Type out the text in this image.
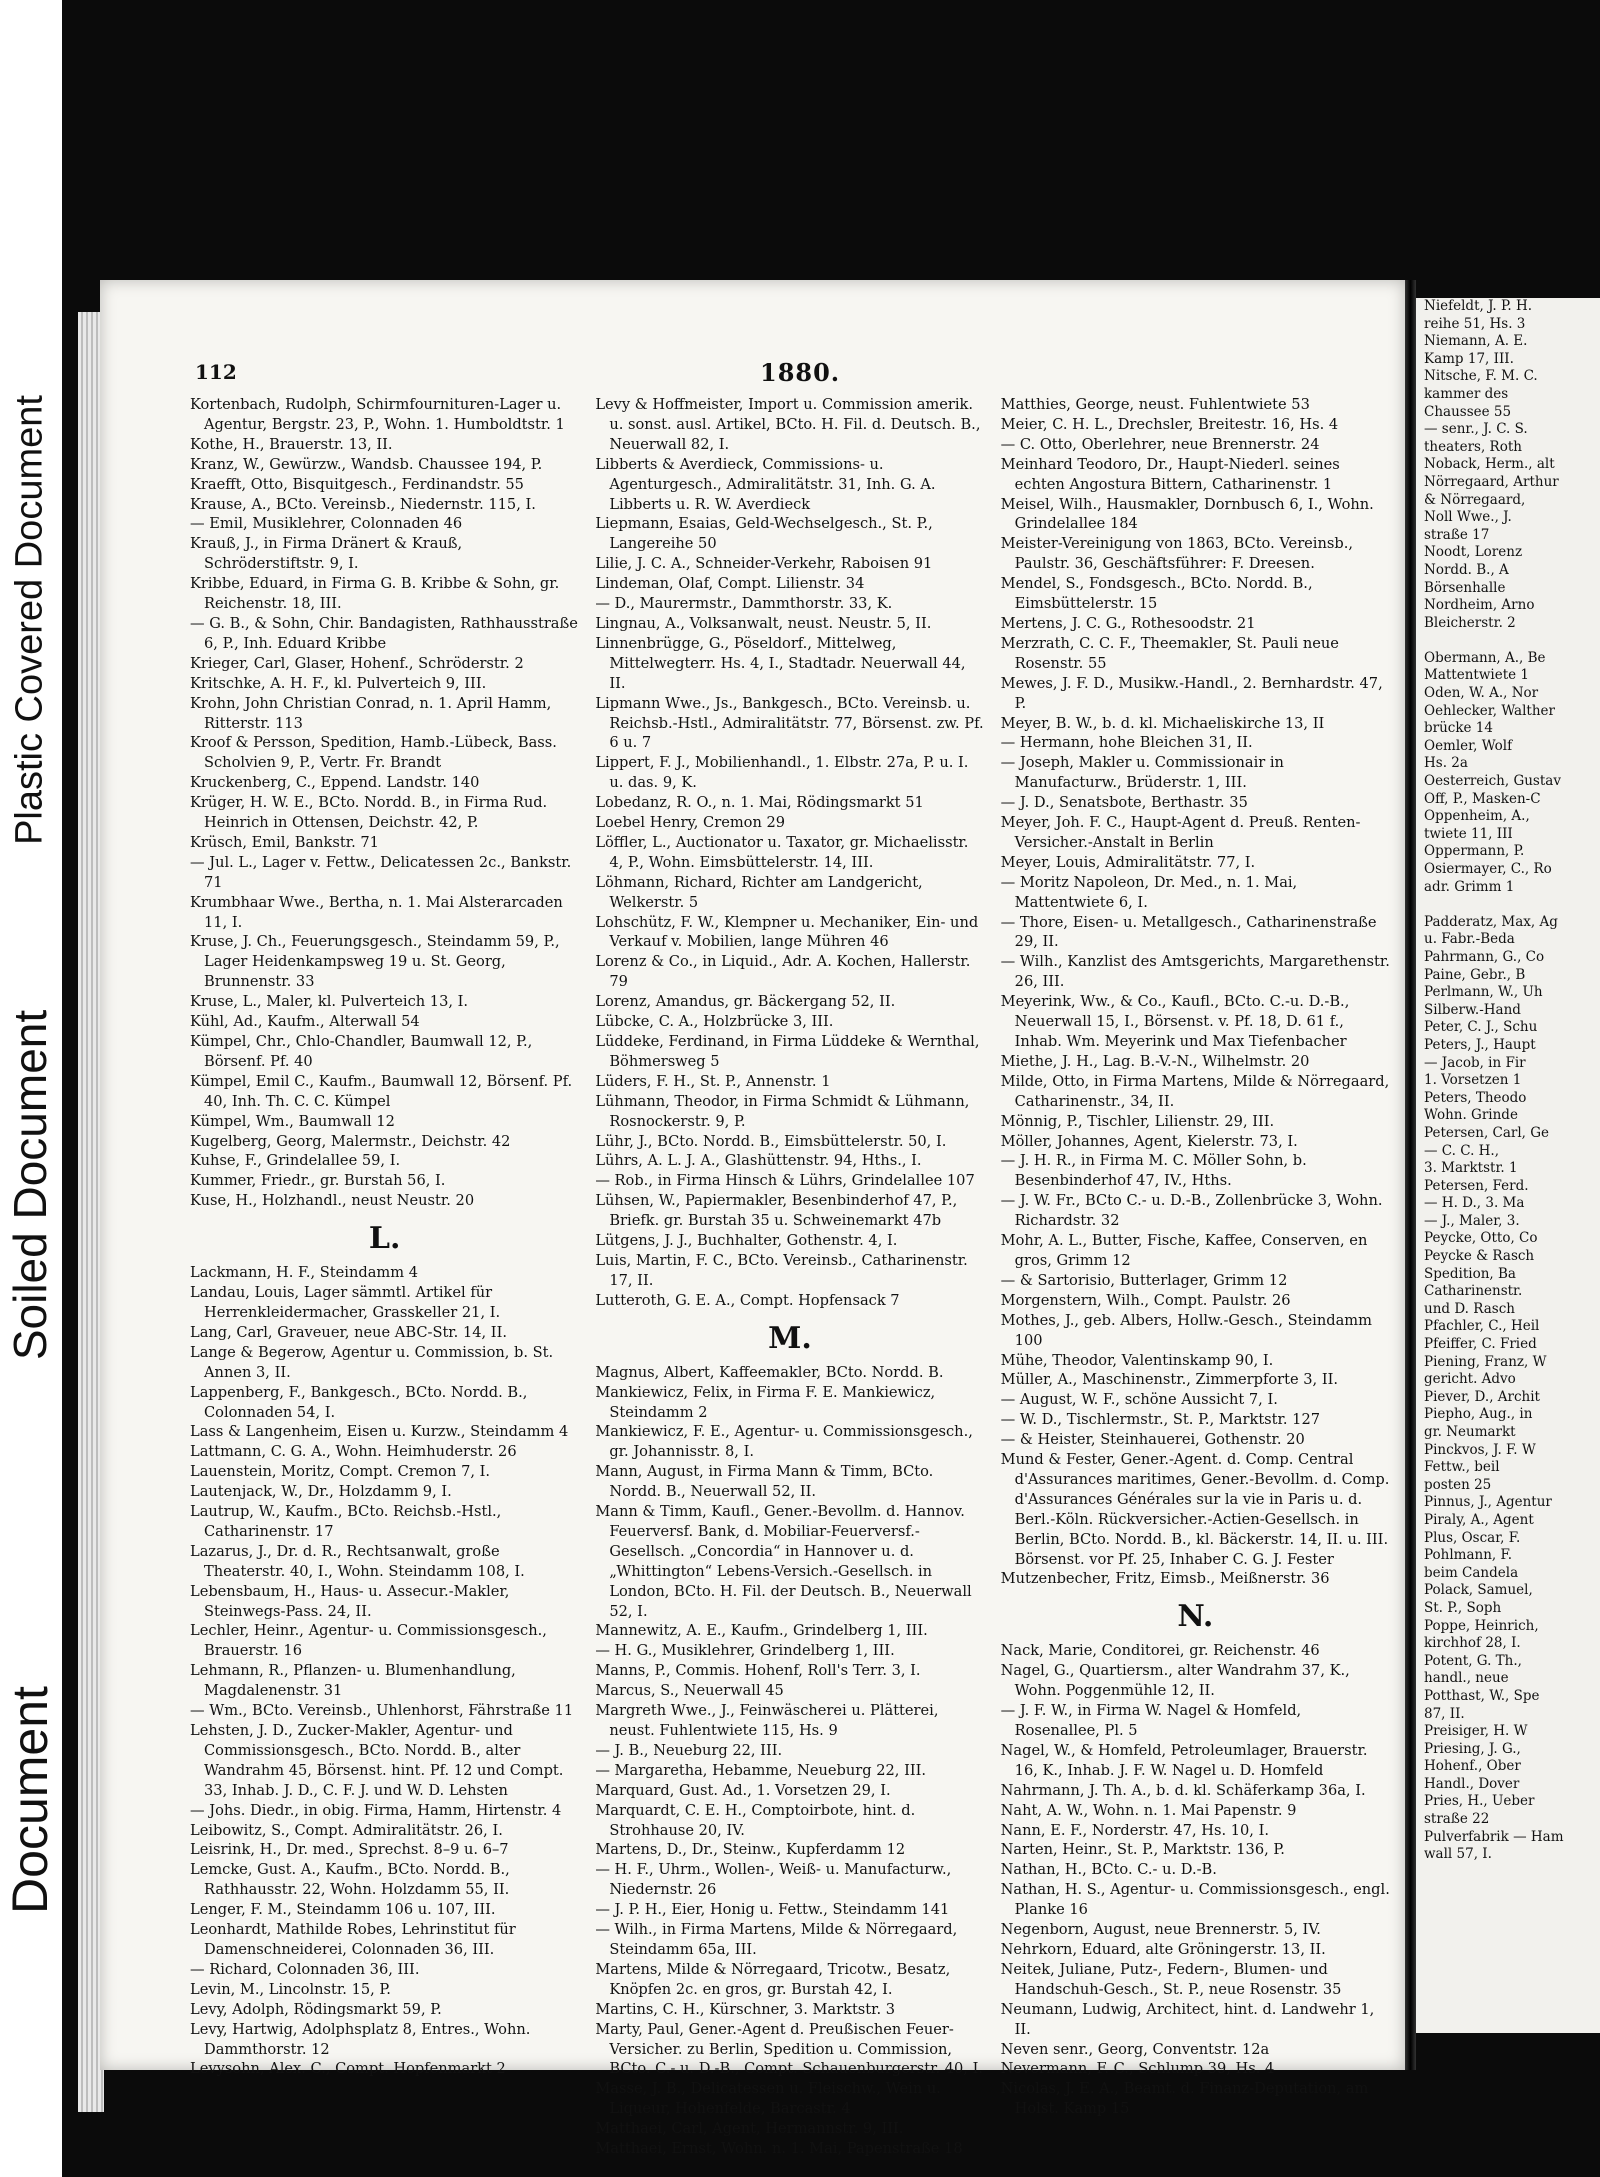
Plastic Covered Document
Soiled Document
Document
112	1880.

Kortenbach, Rudolph, Schirmfournituren-Lager u. Agentur, Bergstr. 23, P., Wohn. 1. Humboldtstr. 1

Kothe, H., Brauerstr. 13, II.

Kranz, W., Gewürzw., Wandsb. Chaussee 194, P.

Kraefft, Otto, Bisquitgesch., Ferdinandstr. 55

Krause, A., BCto. Vereinsb., Niedernstr. 115, I.

— Emil, Musiklehrer, Colonnaden 46

Krauß, J., in Firma Dränert & Krauß, Schröderstiftstr. 9, I.

Kribbe, Eduard, in Firma G. B. Kribbe & Sohn, gr. Reichenstr. 18, III.

— G. B., & Sohn, Chir. Bandagisten, Rathhausstraße 6, P., Inh. Eduard Kribbe

Krieger, Carl, Glaser, Hohenf., Schröderstr. 2

Kritschke, A. H. F., kl. Pulverteich 9, III.

Krohn, John Christian Conrad, n. 1. April Hamm, Ritterstr. 113

Kroof & Persson, Spedition, Hamb.-Lübeck, Bass. Scholvien 9, P., Vertr. Fr. Brandt

Kruckenberg, C., Eppend. Landstr. 140

Krüger, H. W. E., BCto. Nordd. B., in Firma Rud. Heinrich in Ottensen, Deichstr. 42, P.

Krüsch, Emil, Bankstr. 71

— Jul. L., Lager v. Fettw., Delicatessen 2c., Bankstr. 71

Krumbhaar Wwe., Bertha, n. 1. Mai Alsterarcaden 11, I.

Kruse, J. Ch., Feuerungsgesch., Steindamm 59, P., Lager Heidenkampsweg 19 u. St. Georg, Brunnenstr. 33

Kruse, L., Maler, kl. Pulverteich 13, I.

Kühl, Ad., Kaufm., Alterwall 54

Kümpel, Chr., Chlo-Chandler, Baumwall 12, P., Börsenf. Pf. 40

Kümpel, Emil C., Kaufm., Baumwall 12, Börsenf. Pf. 40, Inh. Th. C. C. Kümpel

Kümpel, Wm., Baumwall 12

Kugelberg, Georg, Malermstr., Deichstr. 42

Kuhse, F., Grindelallee 59, I.

Kummer, Friedr., gr. Burstah 56, I.

Kuse, H., Holzhandl., neust Neustr. 20

L.

Lackmann, H. F., Steindamm 4

Landau, Louis, Lager sämmtl. Artikel für Herrenkleidermacher, Grasskeller 21, I.

Lang, Carl, Graveuer, neue ABC-Str. 14, II.

Lange & Begerow, Agentur u. Commission, b. St. Annen 3, II.

Lappenberg, F., Bankgesch., BCto. Nordd. B., Colonnaden 54, I.

Lass & Langenheim, Eisen u. Kurzw., Steindamm 4

Lattmann, C. G. A., Wohn. Heimhuderstr. 26

Lauenstein, Moritz, Compt. Cremon 7, I.

Lautenjack, W., Dr., Holzdamm 9, I.

Lautrup, W., Kaufm., BCto. Reichsb.-Hstl., Catharinenstr. 17

Lazarus, J., Dr. d. R., Rechtsanwalt, große Theaterstr. 40, I., Wohn. Steindamm 108, I.

Lebensbaum, H., Haus- u. Assecur.-Makler, Steinwegs-Pass. 24, II.

Lechler, Heinr., Agentur- u. Commissionsgesch., Brauerstr. 16

Lehmann, R., Pflanzen- u. Blumenhandlung, Magdalenenstr. 31

— Wm., BCto. Vereinsb., Uhlenhorst, Fährstraße 11

Lehsten, J. D., Zucker-Makler, Agentur- und Commissionsgesch., BCto. Nordd. B., alter Wandrahm 45, Börsenst. hint. Pf. 12 und Compt. 33, Inhab. J. D., C. F. J. und W. D. Lehsten

— Johs. Diedr., in obig. Firma, Hamm, Hirtenstr. 4

Leibowitz, S., Compt. Admiralitätstr. 26, I.

Leisrink, H., Dr. med., Sprechst. 8–9 u. 6–7

Lemcke, Gust. A., Kaufm., BCto. Nordd. B., Rathhausstr. 22, Wohn. Holzdamm 55, II.

Lenger, F. M., Steindamm 106 u. 107, III.

Leonhardt, Mathilde Robes, Lehrinstitut für Damenschneiderei, Colonnaden 36, III.

— Richard, Colonnaden 36, III.

Levin, M., Lincolnstr. 15, P.

Levy, Adolph, Rödingsmarkt 59, P.

Levy, Hartwig, Adolphsplatz 8, Entres., Wohn. Dammthorstr. 12

Levysohn, Alex. C., Compt. Hopfenmarkt 2

Levy & Hoffmeister, Import u. Commission amerik. u. sonst. ausl. Artikel, BCto. H. Fil. d. Deutsch. B., Neuerwall 82, I.

Libberts & Averdieck, Commissions- u. Agenturgesch., Admiralitätstr. 31, Inh. G. A. Libberts u. R. W. Averdieck

Liepmann, Esaias, Geld-Wechselgesch., St. P., Langereihe 50

Lilie, J. C. A., Schneider-Verkehr, Raboisen 91

Lindeman, Olaf, Compt. Lilienstr. 34

— D., Maurermstr., Dammthorstr. 33, K.

Lingnau, A., Volksanwalt, neust. Neustr. 5, II.

Linnenbrügge, G., Pöseldorf., Mittelweg, Mittelwegterr. Hs. 4, I., Stadtadr. Neuerwall 44, II.

Lipmann Wwe., Js., Bankgesch., BCto. Vereinsb. u. Reichsb.-Hstl., Admiralitätstr. 77, Börsenst. zw. Pf. 6 u. 7

Lippert, F. J., Mobilienhandl., 1. Elbstr. 27a, P. u. I. u. das. 9, K.

Lobedanz, R. O., n. 1. Mai, Rödingsmarkt 51

Loebel Henry, Cremon 29

Löffler, L., Auctionator u. Taxator, gr. Michaelisstr. 4, P., Wohn. Eimsbüttelerstr. 14, III.

Löhmann, Richard, Richter am Landgericht, Welkerstr. 5

Lohschütz, F. W., Klempner u. Mechaniker, Ein- und Verkauf v. Mobilien, lange Mühren 46

Lorenz & Co., in Liquid., Adr. A. Kochen, Hallerstr. 79

Lorenz, Amandus, gr. Bäckergang 52, II.

Lübcke, C. A., Holzbrücke 3, III.

Lüddeke, Ferdinand, in Firma Lüddeke & Wernthal, Böhmersweg 5

Lüders, F. H., St. P., Annenstr. 1

Lühmann, Theodor, in Firma Schmidt & Lühmann, Rosnockerstr. 9, P.

Lühr, J., BCto. Nordd. B., Eimsbüttelerstr. 50, I.

Lührs, A. L. J. A., Glashüttenstr. 94, Hths., I.

— Rob., in Firma Hinsch & Lührs, Grindelallee 107

Lühsen, W., Papiermakler, Besenbinderhof 47, P., Briefk. gr. Burstah 35 u. Schweinemarkt 47b

Lütgens, J. J., Buchhalter, Gothenstr. 4, I.

Luis, Martin, F. C., BCto. Vereinsb., Catharinenstr. 17, II.

Lutteroth, G. E. A., Compt. Hopfensack 7

M.

Magnus, Albert, Kaffeemakler, BCto. Nordd. B.

Mankiewicz, Felix, in Firma F. E. Mankiewicz, Steindamm 2

Mankiewicz, F. E., Agentur- u. Commissionsgesch., gr. Johannisstr. 8, I.

Mann, August, in Firma Mann & Timm, BCto. Nordd. B., Neuerwall 52, II.

Mann & Timm, Kaufl., Gener.-Bevollm. d. Hannov. Feuerversf. Bank, d. Mobiliar-Feuerversf.-Gesellsch. „Concordia“ in Hannover u. d. „Whittington“ Lebens-Versich.-Gesellsch. in London, BCto. H. Fil. der Deutsch. B., Neuerwall 52, I.

Mannewitz, A. E., Kaufm., Grindelberg 1, III.

— H. G., Musiklehrer, Grindelberg 1, III.

Manns, P., Commis. Hohenf, Roll's Terr. 3, I.

Marcus, S., Neuerwall 45

Margreth Wwe., J., Feinwäscherei u. Plätterei, neust. Fuhlentwiete 115, Hs. 9

— J. B., Neueburg 22, III.

— Margaretha, Hebamme, Neueburg 22, III.

Marquard, Gust. Ad., 1. Vorsetzen 29, I.

Marquardt, C. E. H., Comptoirbote, hint. d. Strohhause 20, IV.

Martens, D., Dr., Steinw., Kupferdamm 12

— H. F., Uhrm., Wollen-, Weiß- u. Manufacturw., Niedernstr. 26

— J. P. H., Eier, Honig u. Fettw., Steindamm 141

— Wilh., in Firma Martens, Milde & Nörregaard, Steindamm 65a, III.

Martens, Milde & Nörregaard, Tricotw., Besatz, Knöpfen 2c. en gros, gr. Burstah 42, I.

Martins, C. H., Kürschner, 3. Marktstr. 3

Marty, Paul, Gener.-Agent d. Preußischen Feuer-Versicher. zu Berlin, Spedition u. Commission, BCto. C.- u. D.-B., Compt. Schauenburgerstr. 40, I.

Masse, J. B., Delicatessen u. Fleischw., Wein u. Liqueur, Hohenfelde, Barcastr. 4

Matthaei, Carl, Agent, Hermannstr. 9, III.

Matthaei, Ernst, Wohn. n. 1. Mai, Papenstraße 18

Matthies, George, neust. Fuhlentwiete 53

Meier, C. H. L., Drechsler, Breitestr. 16, Hs. 4

— C. Otto, Oberlehrer, neue Brennerstr. 24

Meinhard Teodoro, Dr., Haupt-Niederl. seines echten Angostura Bittern, Catharinenstr. 1

Meisel, Wilh., Hausmakler, Dornbusch 6, I., Wohn. Grindelallee 184

Meister-Vereinigung von 1863, BCto. Vereinsb., Paulstr. 36, Geschäftsführer: F. Dreesen.

Mendel, S., Fondsgesch., BCto. Nordd. B., Eimsbüttelerstr. 15

Mertens, J. C. G., Rothesoodstr. 21

Merzrath, C. C. F., Theemakler, St. Pauli neue Rosenstr. 55

Mewes, J. F. D., Musikw.-Handl., 2. Bernhardstr. 47, P.

Meyer, B. W., b. d. kl. Michaeliskirche 13, II

— Hermann, hohe Bleichen 31, II.

— Joseph, Makler u. Commissionair in Manufacturw., Brüderstr. 1, III.

— J. D., Senatsbote, Berthastr. 35

Meyer, Joh. F. C., Haupt-Agent d. Preuß. Renten-Versicher.-Anstalt in Berlin

Meyer, Louis, Admiralitätstr. 77, I.

— Moritz Napoleon, Dr. Med., n. 1. Mai, Mattentwiete 6, I.

— Thore, Eisen- u. Metallgesch., Catharinenstraße 29, II.

— Wilh., Kanzlist des Amtsgerichts, Margarethenstr. 26, III.

Meyerink, Ww., & Co., Kaufl., BCto. C.-u. D.-B., Neuerwall 15, I., Börsenst. v. Pf. 18, D. 61 f., Inhab. Wm. Meyerink und Max Tiefenbacher

Miethe, J. H., Lag. B.-V.-N., Wilhelmstr. 20

Milde, Otto, in Firma Martens, Milde & Nörregaard, Catharinenstr., 34, II.

Mönnig, P., Tischler, Lilienstr. 29, III.

Möller, Johannes, Agent, Kielerstr. 73, I.

— J. H. R., in Firma M. C. Möller Sohn, b. Besenbinderhof 47, IV., Hths.

— J. W. Fr., BCto C.- u. D.-B., Zollenbrücke 3, Wohn. Richardstr. 32

Mohr, A. L., Butter, Fische, Kaffee, Conserven, en gros, Grimm 12

— & Sartorisio, Butterlager, Grimm 12

Morgenstern, Wilh., Compt. Paulstr. 26

Mothes, J., geb. Albers, Hollw.-Gesch., Steindamm 100

Mühe, Theodor, Valentinskamp 90, I.

Müller, A., Maschinenstr., Zimmerpforte 3, II.

— August, W. F., schöne Aussicht 7, I.

— W. D., Tischlermstr., St. P., Marktstr. 127

— & Heister, Steinhauerei, Gothenstr. 20

Mund & Fester, Gener.-Agent. d. Comp. Central d'Assurances maritimes, Gener.-Bevollm. d. Comp. d'Assurances Générales sur la vie in Paris u. d. Berl.-Köln. Rückversicher.-Actien-Gesellsch. in Berlin, BCto. Nordd. B., kl. Bäckerstr. 14, II. u. III. Börsenst. vor Pf. 25, Inhaber C. G. J. Fester

Mutzenbecher, Fritz, Eimsb., Meißnerstr. 36

N.

Nack, Marie, Conditorei, gr. Reichenstr. 46

Nagel, G., Quartiersm., alter Wandrahm 37, K., Wohn. Poggenmühle 12, II.

— J. F. W., in Firma W. Nagel & Homfeld, Rosenallee, Pl. 5

Nagel, W., & Homfeld, Petroleumlager, Brauerstr. 16, K., Inhab. J. F. W. Nagel u. D. Homfeld

Nahrmann, J. Th. A., b. d. kl. Schäferkamp 36a, I.

Naht, A. W., Wohn. n. 1. Mai Papenstr. 9

Nann, E. F., Norderstr. 47, Hs. 10, I.

Narten, Heinr., St. P., Marktstr. 136, P.

Nathan, H., BCto. C.- u. D.-B.

Nathan, H. S., Agentur- u. Commissionsgesch., engl. Planke 16

Negenborn, August, neue Brennerstr. 5, IV.

Nehrkorn, Eduard, alte Gröningerstr. 13, II.

Neitek, Juliane, Putz-, Federn-, Blumen- und Handschuh-Gesch., St. P., neue Rosenstr. 35

Neumann, Ludwig, Architect, hint. d. Landwehr 1, II.

Neven senr., Georg, Conventstr. 12a

Nevermann, F. C., Schlump 39, Hs. 4

Nicolas, J. E. A., Beamt. d. Finanz-Deputation, am Holst. Kamp 15

Niefeldt, J. P. H.
reihe 51, Hs. 3
Niemann, A. E.
Kamp 17, III.
Nitsche, F. M. C.
kammer des
Chaussee 55
— senr., J. C. S.
theaters, Roth
Noback, Herm., alt
Nörregaard, Arthur
& Nörregaard,
Noll Wwe., J.
straße 17
Noodt, Lorenz
Nordd. B., A
Börsenhalle
Nordheim, Arno
Bleicherstr. 2

Obermann, A., Be
Mattentwiete 1
Oden, W. A., Nor
Oehlecker, Walther
brücke 14
Oemler, Wolf
Hs. 2a
Oesterreich, Gustav
Off, P., Masken-C
Oppenheim, A.,
twiete 11, III
Oppermann, P.
Osiermayer, C., Ro
adr. Grimm 1

Padderatz, Max, Ag
u. Fabr.-Beda
Pahrmann, G., Co
Paine, Gebr., B
Perlmann, W., Uh
Silberw.-Hand
Peter, C. J., Schu
Peters, J., Haupt
— Jacob, in Fir
1. Vorsetzen 1
Peters, Theodo
Wohn. Grinde
Petersen, Carl, Ge
— C. C. H.,
3. Marktstr. 1
Petersen, Ferd.
— H. D., 3. Ma
— J., Maler, 3.
Peycke, Otto, Co
Peycke & Rasch
Spedition, Ba
Catharinenstr.
und D. Rasch
Pfachler, C., Heil
Pfeiffer, C. Fried
Piening, Franz, W
gericht. Advo
Piever, D., Archit
Piepho, Aug., in
gr. Neumarkt
Pinckvos, J. F. W
Fettw., beil
posten 25
Pinnus, J., Agentur
Piraly, A., Agent
Plus, Oscar, F.
Pohlmann, F.
beim Candela
Polack, Samuel,
St. P., Soph
Poppe, Heinrich,
kirchhof 28, I.
Potent, G. Th.,
handl., neue
Potthast, W., Spe
87, II.
Preisiger, H. W
Priesing, J. G.,
Hohenf., Ober
Handl., Dover
Pries, H., Ueber
straße 22
Pulverfabrik — Ham
wall 57, I.
